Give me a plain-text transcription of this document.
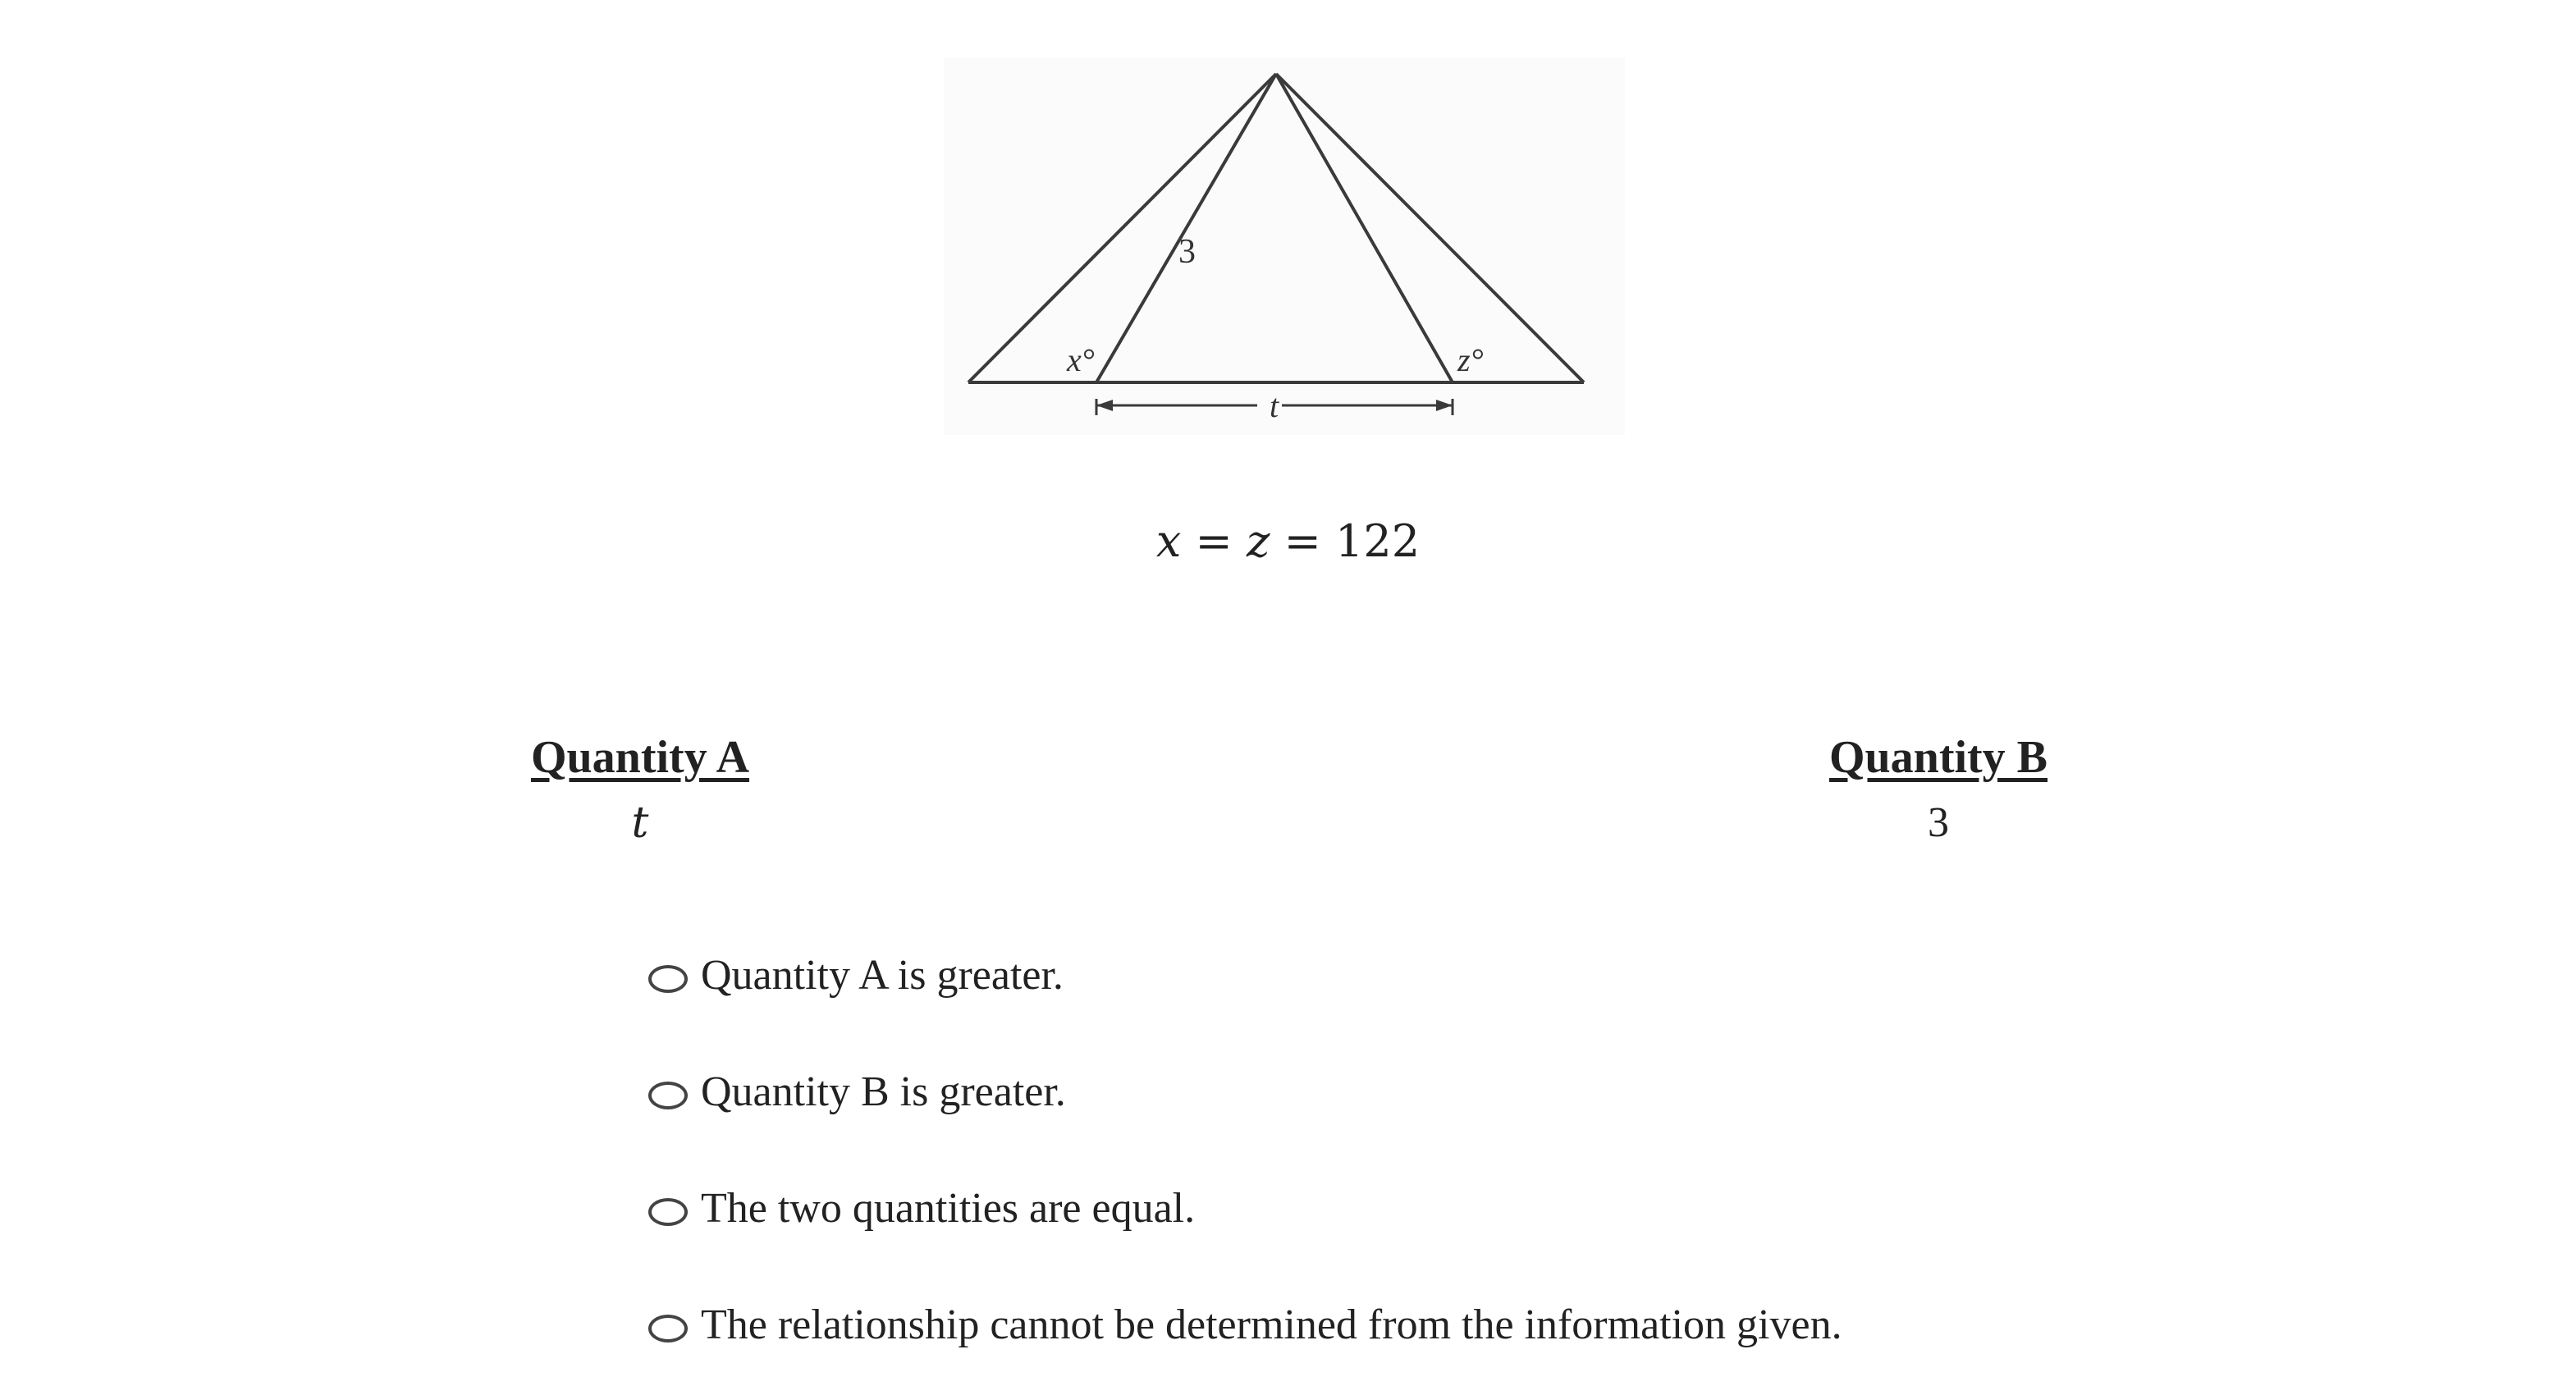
3
x°	z°
t
x = z = 122
Quantity A
t
Quantity B
3
Quantity A is greater.
Quantity B is greater.
The two quantities are equal.
The relationship cannot be determined from the information given.
